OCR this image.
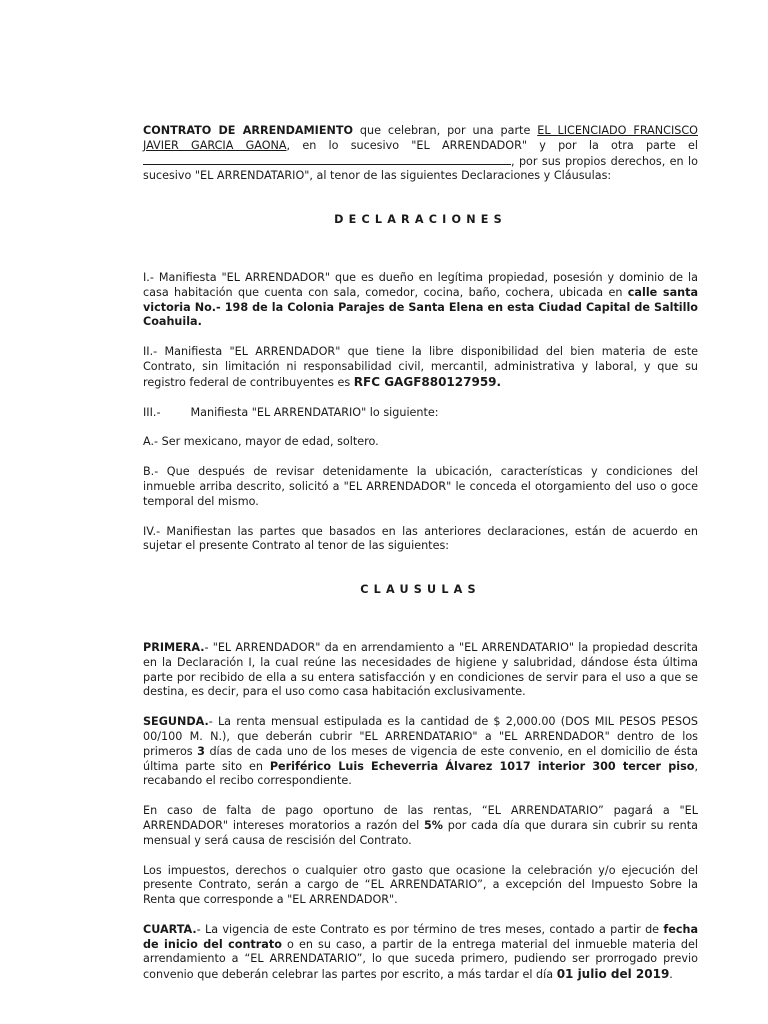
CONTRATO DE ARRENDAMIENTO que celebran, por una parte EL LICENCIADO FRANCISCO JAVIER GARCIA GAONA, en lo sucesivo "EL ARRENDADOR" y por la otra parte el , por sus propios derechos, en lo sucesivo "EL ARRENDATARIO", al tenor de las siguientes Declaraciones y Cláusulas:

DECLARACIONES

I.- Manifiesta "EL ARRENDADOR" que es dueño en legítima propiedad, posesión y dominio de la casa habitación que cuenta con sala, comedor, cocina, baño, cochera, ubicada en calle santa victoria No.- 198 de la Colonia Parajes de Santa Elena en esta Ciudad Capital de Saltillo Coahuila.

II.- Manifiesta "EL ARRENDADOR" que tiene la libre disponibilidad del bien materia de este Contrato, sin limitación ni responsabilidad civil, mercantil, administrativa y laboral, y que su registro federal de contribuyentes es RFC GAGF880127959.

III.-	Manifiesta "EL ARRENDATARIO" lo siguiente:

A.- Ser mexicano, mayor de edad, soltero.

B.- Que después de revisar detenidamente la ubicación, características y condiciones del inmueble arriba descrito, solicitó a "EL ARRENDADOR" le conceda el otorgamiento del uso o goce temporal del mismo.

IV.- Manifiestan las partes que basados en las anteriores declaraciones, están de acuerdo en sujetar el presente Contrato al tenor de las siguientes:

CLAUSULAS

PRIMERA.- "EL ARRENDADOR" da en arrendamiento a "EL ARRENDATARIO" la propiedad descrita en la Declaración I, la cual reúne las necesidades de higiene y salubridad, dándose ésta última parte por recibido de ella a su entera satisfacción y en condiciones de servir para el uso a que se destina, es decir, para el uso como casa habitación exclusivamente.

SEGUNDA.- La renta mensual estipulada es la cantidad de $ 2,000.00 (DOS MIL PESOS PESOS 00/100 M. N.), que deberán cubrir "EL ARRENDATARIO" a "EL ARRENDADOR" dentro de los primeros 3 días de cada uno de los meses de vigencia de este convenio, en el domicilio de ésta última parte sito en Periférico Luis Echeverria Álvarez 1017 interior 300 tercer piso, recabando el recibo correspondiente.

En caso de falta de pago oportuno de las rentas, “EL ARRENDATARIO” pagará a "EL ARRENDADOR" intereses moratorios a razón del 5% por cada día que durara sin cubrir su renta mensual y será causa de rescisión del Contrato.

Los impuestos, derechos o cualquier otro gasto que ocasione la celebración y/o ejecución del presente Contrato, serán a cargo de “EL ARRENDATARIO”, a excepción del Impuesto Sobre la Renta que corresponde a "EL ARRENDADOR".

CUARTA.- La vigencia de este Contrato es por término de tres meses, contado a partir de fecha de inicio del contrato o en su caso, a partir de la entrega material del inmueble materia del arrendamiento a “EL ARRENDATARIO”, lo que suceda primero, pudiendo ser prorrogado previo convenio que deberán celebrar las partes por escrito, a más tardar el día 01 julio del 2019.
